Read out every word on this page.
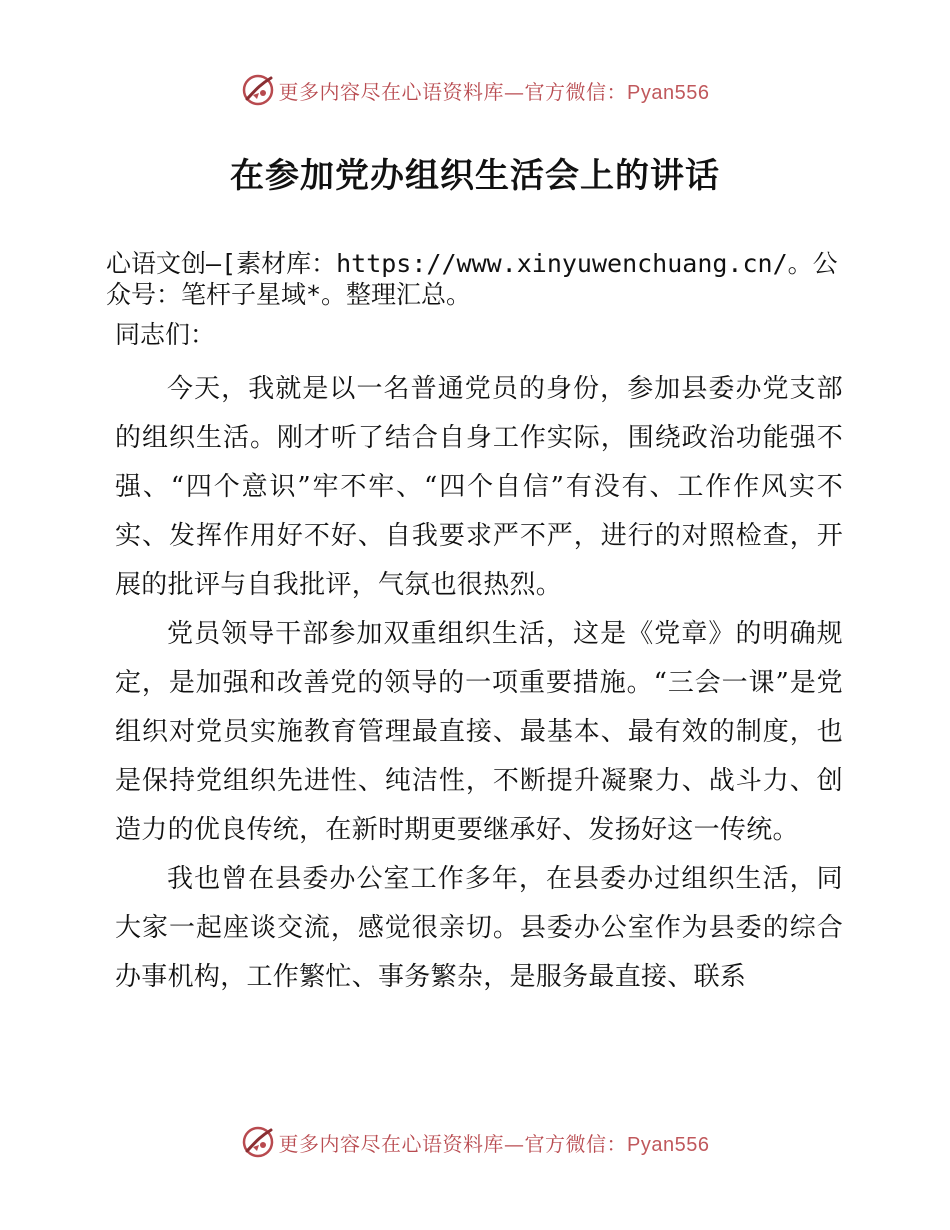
更多内容尽在心语资料库—官方微信：Pyan556
在参加党办组织生活会上的讲话
心语文创—[素材库：https://www.xinyuwenchuang.cn/。公众号：笔杆子星域*。整理汇总。
同志们：

今天，我就是以一名普通党员的身份，参加县委办党支部的组织生活。刚才听了结合自身工作实际，围绕政治功能强不强、“四个意识”牢不牢、“四个自信”有没有、工作作风实不实、发挥作用好不好、自我要求严不严，进行的对照检查，开展的批评与自我批评，气氛也很热烈。

党员领导干部参加双重组织生活，这是《党章》的明确规定，是加强和改善党的领导的一项重要措施。“三会一课”是党组织对党员实施教育管理最直接、最基本、最有效的制度，也是保持党组织先进性、纯洁性，不断提升凝聚力、战斗力、创造力的优良传统，在新时期更要继承好、发扬好这一传统。

我也曾在县委办公室工作多年，在县委办过组织生活，同大家一起座谈交流，感觉很亲切。县委办公室作为县委的综合办事机构，工作繁忙、事务繁杂，是服务最直接、联系

更多内容尽在心语资料库—官方微信：Pyan556
